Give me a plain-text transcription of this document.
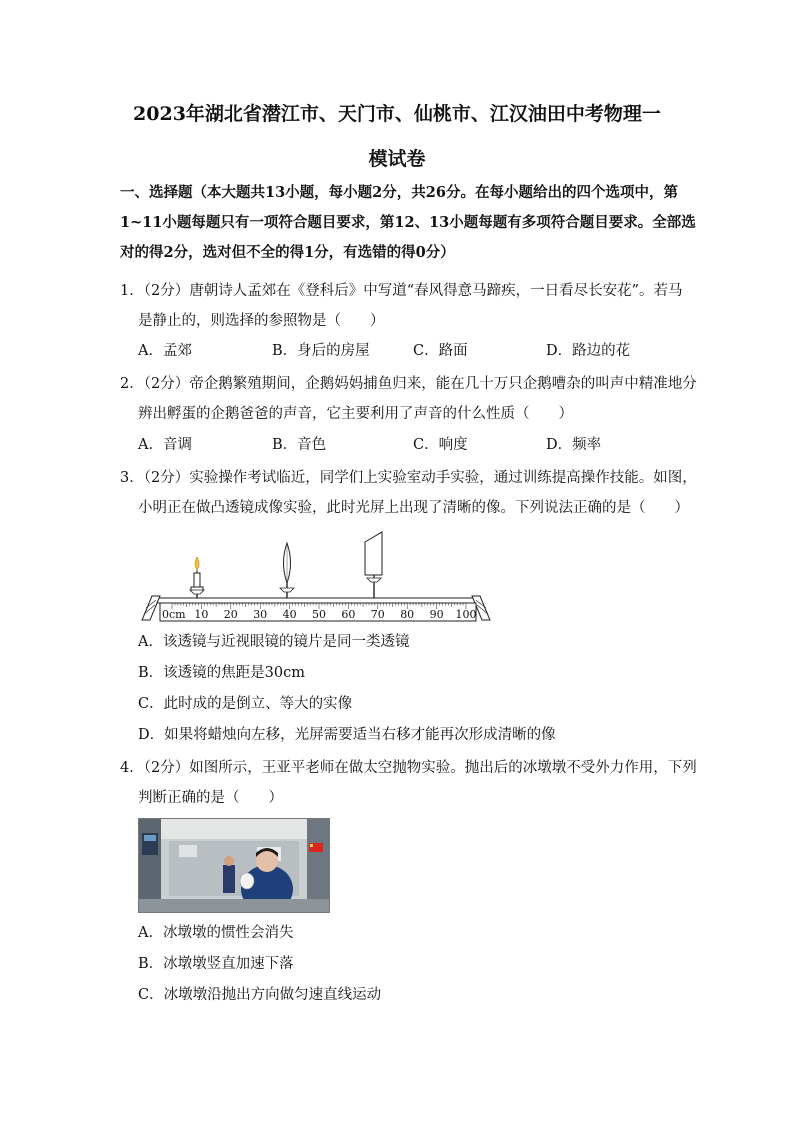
2023年湖北省潜江市、天门市、仙桃市、江汉油田中考物理一
模试卷
一、选择题（本大题共13小题，每小题2分，共26分。在每小题给出的四个选项中，第
1~11小题每题只有一项符合题目要求，第12、13小题每题有多项符合题目要求。全部选
对的得2分，选对但不全的得1分，有选错的得0分）
1．（2分）唐朝诗人孟郊在《登科后》中写道“春风得意马蹄疾，一日看尽长安花”。若马
是静止的，则选择的参照物是（　　）
A．孟郊	B．身后的房屋	C．路面	D．路边的花
2．（2分）帝企鹅繁殖期间，企鹅妈妈捕鱼归来，能在几十万只企鹅嘈杂的叫声中精准地分
辨出孵蛋的企鹅爸爸的声音，它主要利用了声音的什么性质（　　）
A．音调	B．音色	C．响度	D．频率
3．（2分）实验操作考试临近，同学们上实验室动手实验，通过训练提高操作技能。如图，
小明正在做凸透镜成像实验，此时光屏上出现了清晰的像。下列说法正确的是（　　）
0cm 10 20 30 40 50 60 70 80 90 100
A．该透镜与近视眼镜的镜片是同一类透镜
B．该透镜的焦距是30cm
C．此时成的是倒立、等大的实像
D．如果将蜡烛向左移，光屏需要适当右移才能再次形成清晰的像
4．（2分）如图所示，王亚平老师在做太空抛物实验。抛出后的冰墩墩不受外力作用，下列
判断正确的是（　　）
A．冰墩墩的惯性会消失
B．冰墩墩竖直加速下落
C．冰墩墩沿抛出方向做匀速直线运动
